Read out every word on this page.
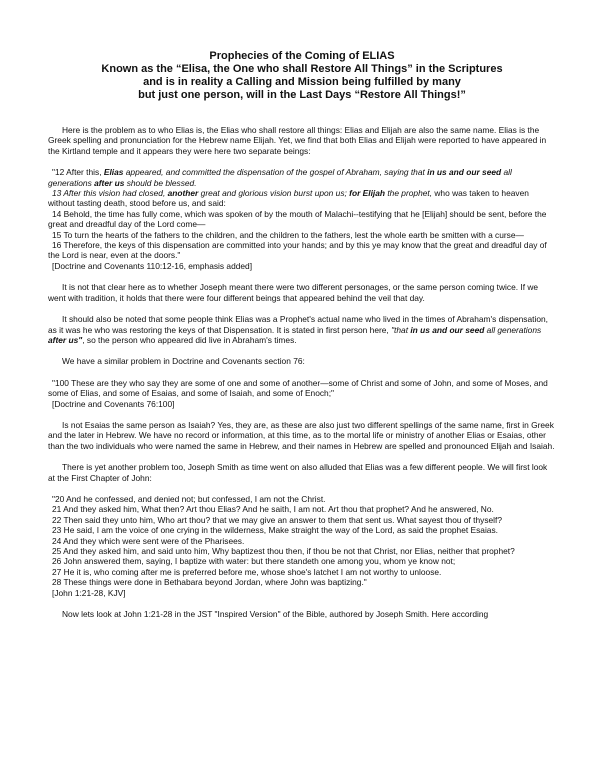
Prophecies of the Coming of ELIAS
Known as the “Elisa, the One who shall Restore All Things” in the Scriptures
and is in reality a Calling and Mission being fulfilled by many
but just one person, will in the Last Days “Restore All Things!”

Here is the problem as to who Elias is, the Elias who shall restore all things: Elias and Elijah are also the same name. Elias is the Greek spelling and pronunciation for the Hebrew name Elijah. Yet, we find that both Elias and Elijah were reported to have appeared in the Kirtland temple and it appears they were here two separate beings:

"12 After this, Elias appeared, and committed the dispensation of the gospel of Abraham, saying that in us and our seed all generations after us should be blessed.

13 After this vision had closed, another great and glorious vision burst upon us; for Elijah the prophet, who was taken to heaven without tasting death, stood before us, and said:

14 Behold, the time has fully come, which was spoken of by the mouth of Malachi--testifying that he [Elijah] should be sent, before the great and dreadful day of the Lord come—

15 To turn the hearts of the fathers to the children, and the children to the fathers, lest the whole earth be smitten with a curse—

16 Therefore, the keys of this dispensation are committed into your hands; and by this ye may know that the great and dreadful day of the Lord is near, even at the doors."

[Doctrine and Covenants 110:12-16, emphasis added]

It is not that clear here as to whether Joseph meant there were two different personages, or the same person coming twice. If we went with tradition, it holds that there were four different beings that appeared behind the veil that day.

It should also be noted that some people think Elias was a Prophet's actual name who lived in the times of Abraham's dispensation, as it was he who was restoring the keys of that Dispensation. It is stated in first person here, "that in us and our seed all generations after us", so the person who appeared did live in Abraham's times.

We have a similar problem in Doctrine and Covenants section 76:

"100 These are they who say they are some of one and some of another—some of Christ and some of John, and some of Moses, and some of Elias, and some of Esaias, and some of Isaiah, and some of Enoch;"

[Doctrine and Covenants 76:100]

Is not Esaias the same person as Isaiah? Yes, they are, as these are also just two different spellings of the same name, first in Greek and the later in Hebrew. We have no record or information, at this time, as to the mortal life or ministry of another Elias or Esaias, other than the two individuals who were named the same in Hebrew, and their names in Hebrew are spelled and pronounced Elijah and Isaiah.

There is yet another problem too, Joseph Smith as time went on also alluded that Elias was a few different people. We will first look at the First Chapter of John:

"20 And he confessed, and denied not; but confessed, I am not the Christ.

21 And they asked him, What then? Art thou Elias? And he saith, I am not. Art thou that prophet? And he answered, No.

22 Then said they unto him, Who art thou? that we may give an answer to them that sent us. What sayest thou of thyself?

23 He said, I am the voice of one crying in the wilderness, Make straight the way of the Lord, as said the prophet Esaias.

24 And they which were sent were of the Pharisees.

25 And they asked him, and said unto him, Why baptizest thou then, if thou be not that Christ, nor Elias, neither that prophet?

26 John answered them, saying, I baptize with water: but there standeth one among you, whom ye know not;

27 He it is, who coming after me is preferred before me, whose shoe's latchet I am not worthy to unloose.

28 These things were done in Bethabara beyond Jordan, where John was baptizing."

[John 1:21-28, KJV]

Now lets look at John 1:21-28 in the JST "Inspired Version" of the Bible, authored by Joseph Smith. Here according
